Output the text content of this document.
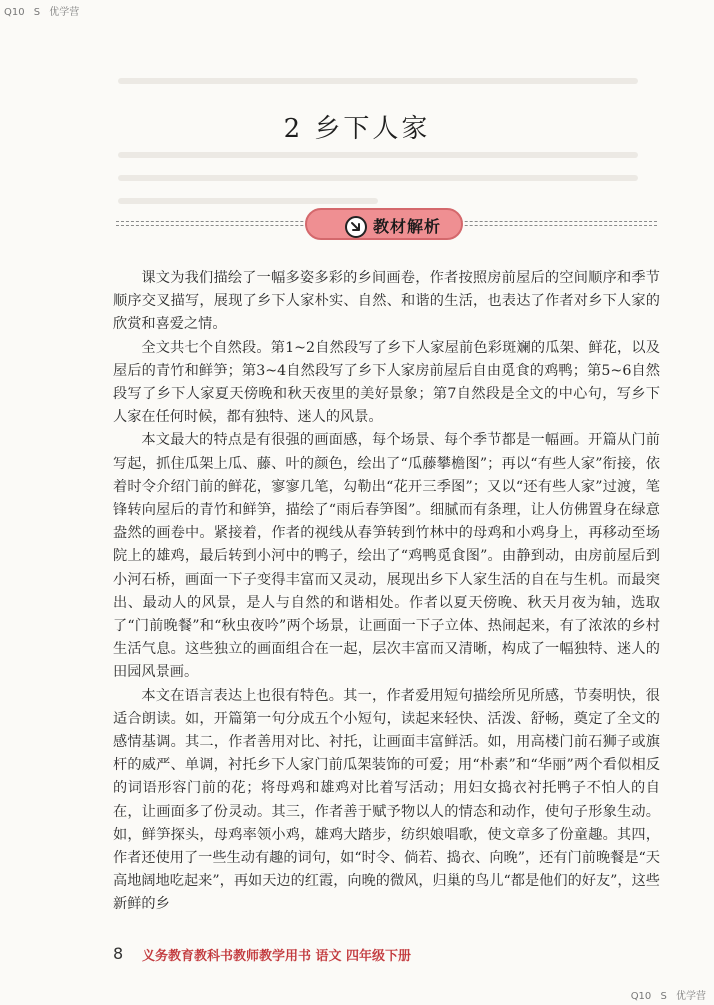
Q10 S 优学营
2 乡下人家
教材解析

课文为我们描绘了一幅多姿多彩的乡间画卷，作者按照房前屋后的空间顺序和季节顺序交叉描写，展现了乡下人家朴实、自然、和谐的生活，也表达了作者对乡下人家的欣赏和喜爱之情。

全文共七个自然段。第1~2自然段写了乡下人家屋前色彩斑斓的瓜架、鲜花，以及屋后的青竹和鲜笋；第3~4自然段写了乡下人家房前屋后自由觅食的鸡鸭；第5~6自然段写了乡下人家夏天傍晚和秋天夜里的美好景象；第7自然段是全文的中心句，写乡下人家在任何时候，都有独特、迷人的风景。

本文最大的特点是有很强的画面感，每个场景、每个季节都是一幅画。开篇从门前写起，抓住瓜架上瓜、藤、叶的颜色，绘出了“瓜藤攀檐图”；再以“有些人家”衔接，依着时令介绍门前的鲜花，寥寥几笔，勾勒出“花开三季图”；又以“还有些人家”过渡，笔锋转向屋后的青竹和鲜笋，描绘了“雨后春笋图”。细腻而有条理，让人仿佛置身在绿意盎然的画卷中。紧接着，作者的视线从春笋转到竹林中的母鸡和小鸡身上，再移动至场院上的雄鸡，最后转到小河中的鸭子，绘出了“鸡鸭觅食图”。由静到动，由房前屋后到小河石桥，画面一下子变得丰富而又灵动，展现出乡下人家生活的自在与生机。而最突出、最动人的风景，是人与自然的和谐相处。作者以夏天傍晚、秋天月夜为轴，选取了“门前晚餐”和“秋虫夜吟”两个场景，让画面一下子立体、热闹起来，有了浓浓的乡村生活气息。这些独立的画面组合在一起，层次丰富而又清晰，构成了一幅独特、迷人的田园风景画。

本文在语言表达上也很有特色。其一，作者爱用短句描绘所见所感，节奏明快，很适合朗读。如，开篇第一句分成五个小短句，读起来轻快、活泼、舒畅，奠定了全文的感情基调。其二，作者善用对比、衬托，让画面丰富鲜活。如，用高楼门前石狮子或旗杆的威严、单调，衬托乡下人家门前瓜架装饰的可爱；用“朴素”和“华丽”两个看似相反的词语形容门前的花；将母鸡和雄鸡对比着写活动；用妇女捣衣衬托鸭子不怕人的自在，让画面多了份灵动。其三，作者善于赋予物以人的情态和动作，使句子形象生动。如，鲜笋探头，母鸡率领小鸡，雄鸡大踏步，纺织娘唱歌，使文章多了份童趣。其四，作者还使用了一些生动有趣的词句，如“时令、倘若、捣衣、向晚”，还有门前晚餐是“天高地阔地吃起来”，再如天边的红霞，向晚的微风，归巢的鸟儿“都是他们的好友”，这些新鲜的乡

8 义务教育教科书教师教学用书 语文 四年级下册
Q10 S 优学营
